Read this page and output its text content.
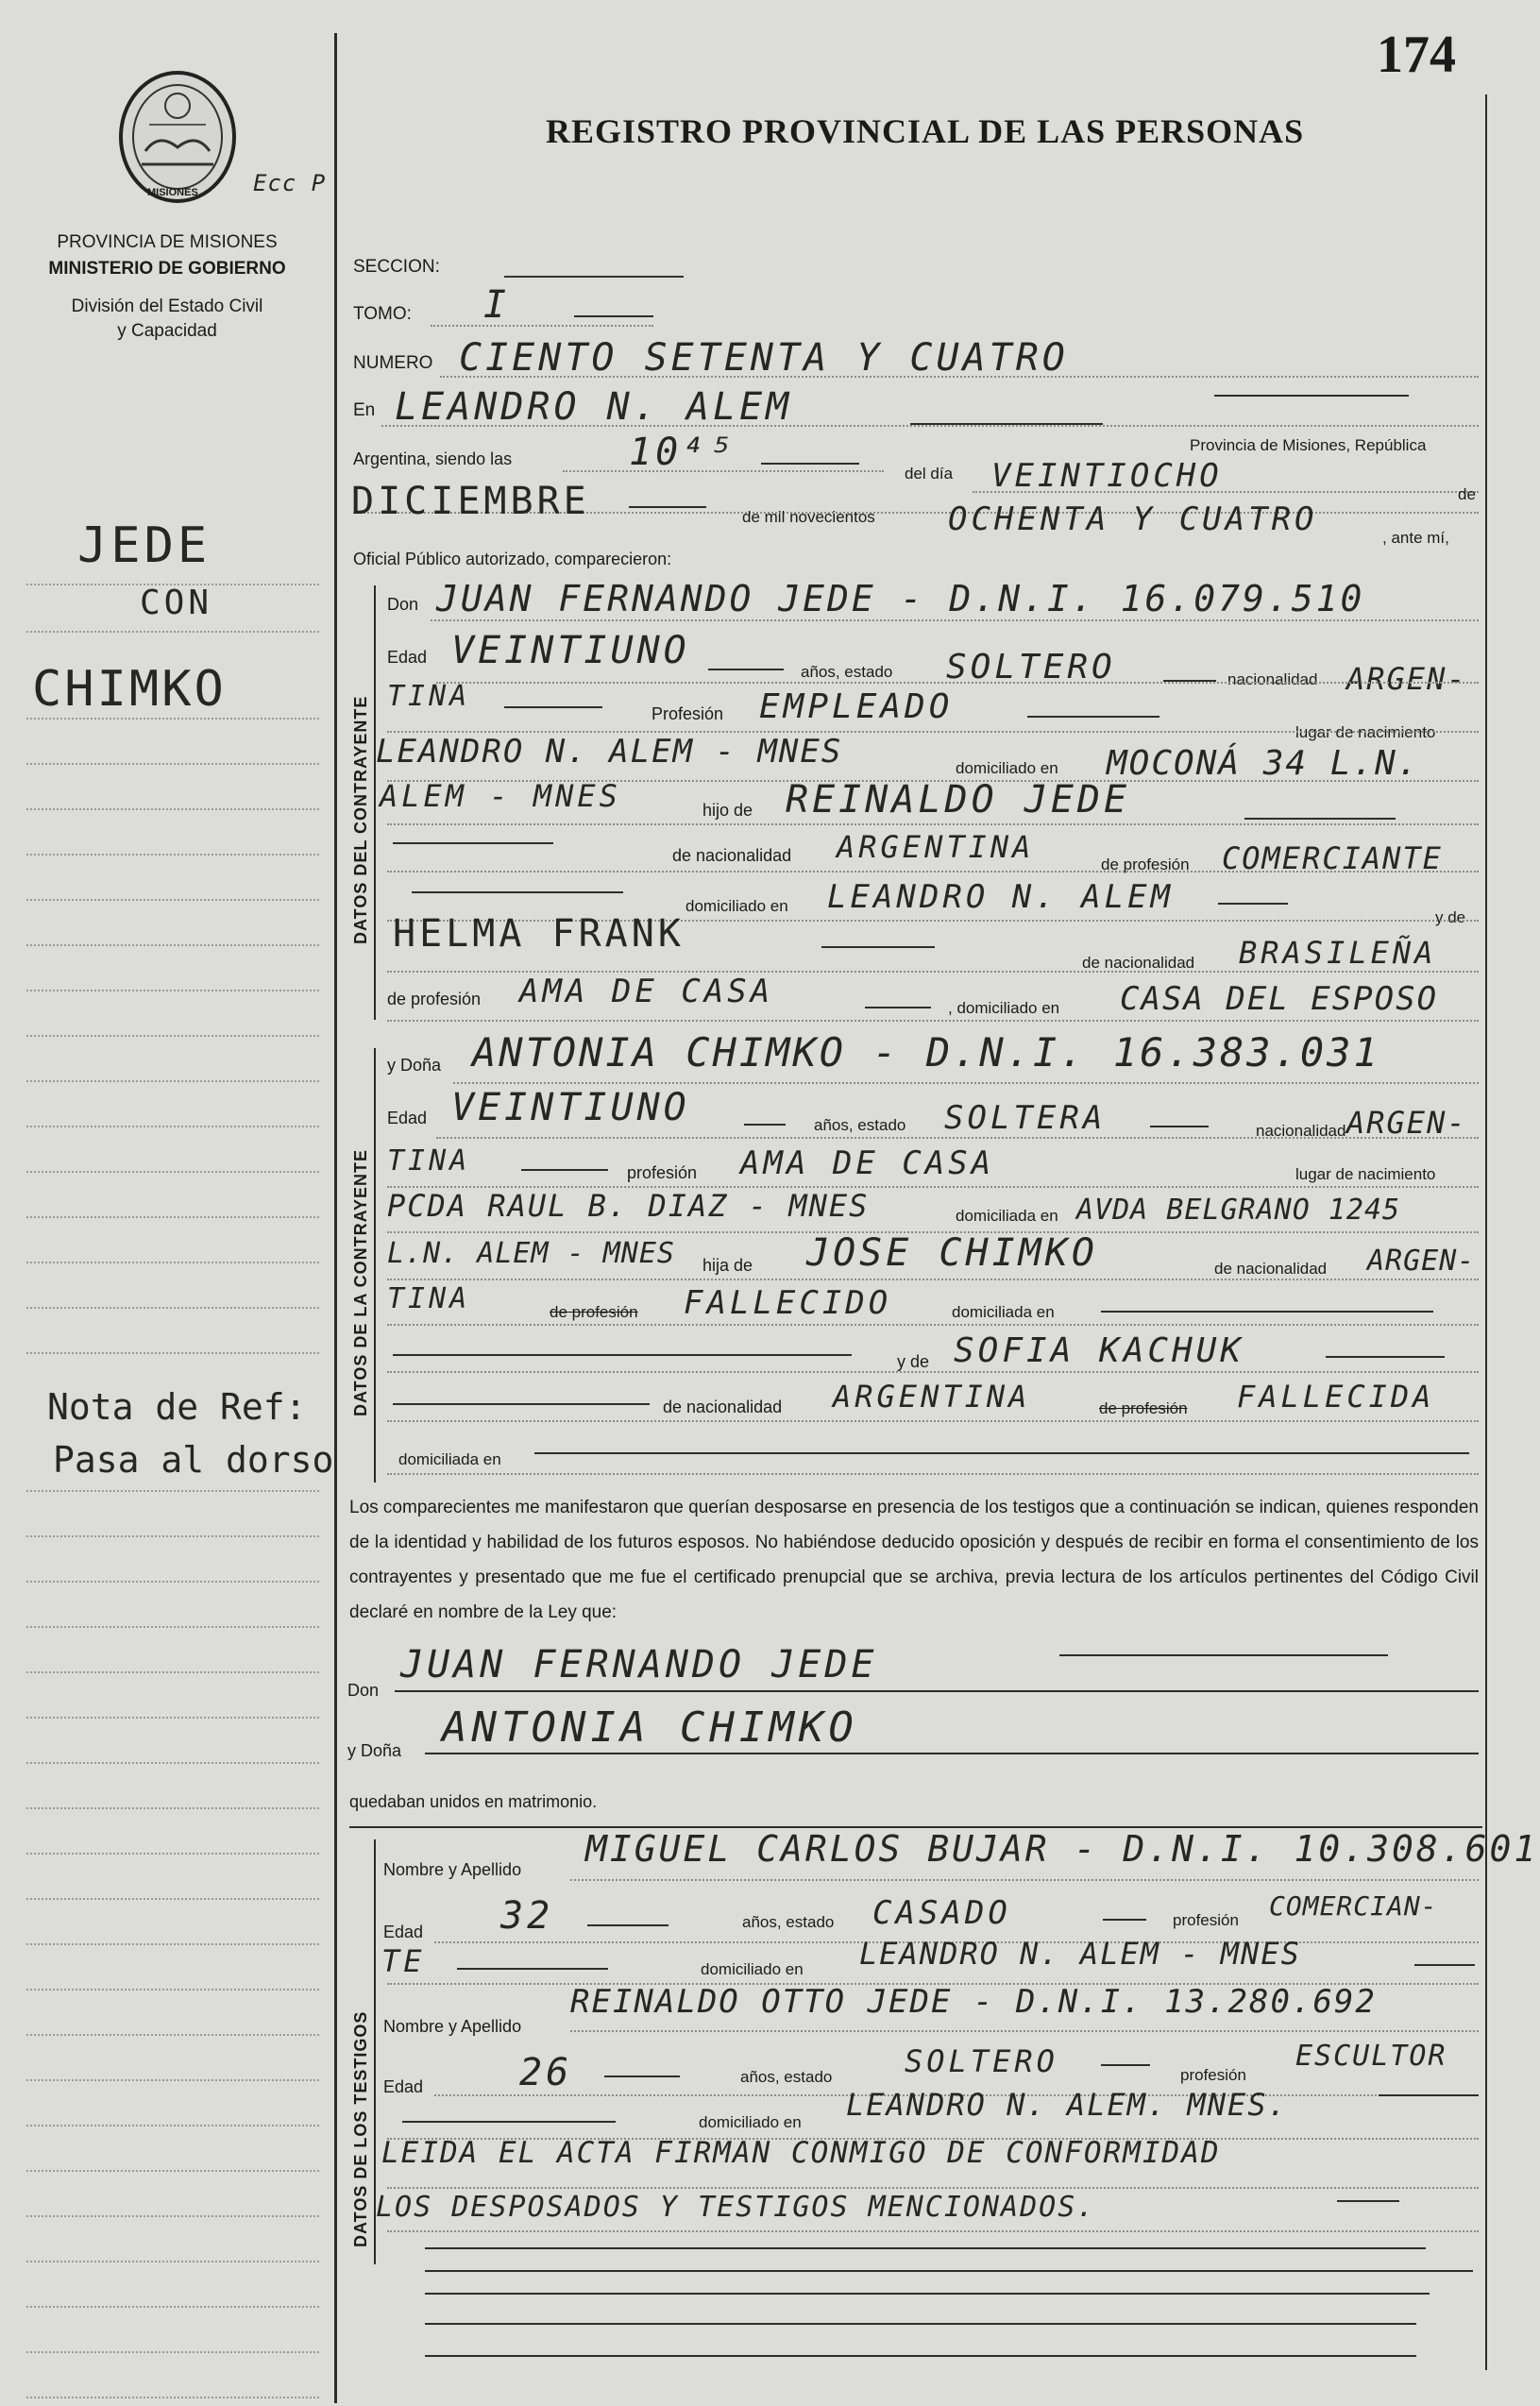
MISIONES Ecc P
PROVINCIA DE MISIONES
MINISTERIO DE GOBIERNO
División del Estado Civil
y Capacidad
JEDE
CON
CHIMKO
Nota de Ref:
Pasa al dorso
174
REGISTRO PROVINCIAL DE LAS PERSONAS
SECCION:
TOMO: I
NUMERO CIENTO SETENTA Y CUATRO
En LEANDRO N. ALEM
Provincia de Misiones, República
Argentina, siendo las	10⁴⁵	del día VEINTIOCHO
DICIEMBRE	de mil novecientos OCHENTA Y CUATRO
de
, ante mí,
Oficial Público autorizado, comparecieron:
DATOS DEL CONTRAYENTE
Don JUAN FERNANDO JEDE - D.N.I. 16.079.510
Edad VEINTIUNO	años, estado SOLTERO	nacionalidad ARGEN-
TINA
Profesión EMPLEADO
lugar de nacimiento
LEANDRO N. ALEM - MNES	domiciliado en MOCONÁ 34 L.N.
ALEM - MNES	hijo de REINALDO JEDE
de nacionalidad ARGENTINA	de profesión COMERCIANTE
domiciliado en LEANDRO N. ALEM
y de
HELMA FRANK
de nacionalidad BRASILEÑA
de profesión AMA DE CASA	, domiciliado en CASA DEL ESPOSO
DATOS DE LA CONTRAYENTE
y Doña ANTONIA CHIMKO - D.N.I. 16.383.031
Edad VEINTIUNO	años, estado SOLTERA	nacionalidad ARGEN-
TINA	profesión AMA DE CASA	lugar de nacimiento
PCDA RAUL B. DIAZ - MNES	domiciliada en AVDA BELGRANO 1245
L.N. ALEM - MNES hija de JOSE CHIMKO	de nacionalidad ARGEN-
TINA	de profesión FALLECIDO	domiciliada en
y de SOFIA KACHUK
de nacionalidad ARGENTINA	de profesión FALLECIDA
domiciliada en
Los comparecientes me manifestaron que querían desposarse en presencia de los testigos que a continuación se indican, quienes responden de la identidad y habilidad de los futuros esposos. No habiéndose deducido oposición y después de recibir en forma el consentimiento de los contrayentes y presentado que me fue el certificado prenupcial que se archiva, previa lectura de los artículos pertinentes del Código Civil declaré en nombre de la Ley que:
Don
JUAN FERNANDO JEDE
y Doña ANTONIA CHIMKO
quedaban unidos en matrimonio.
DATOS DE LOS TESTIGOS
Nombre y Apellido MIGUEL CARLOS BUJAR - D.N.I. 10.308.601
Edad 32	años, estado CASADO	profesión COMERCIAN-
TE	domiciliado en LEANDRO N. ALEM - MNES
Nombre y Apellido
REINALDO OTTO JEDE - D.N.I. 13.280.692
Edad	26	años, estado SOLTERO	profesión
ESCULTOR
domiciliado en LEANDRO N. ALEM. MNES.
LEIDA EL ACTA FIRMAN CONMIGO DE CONFORMIDAD
LOS DESPOSADOS Y TESTIGOS MENCIONADOS.
